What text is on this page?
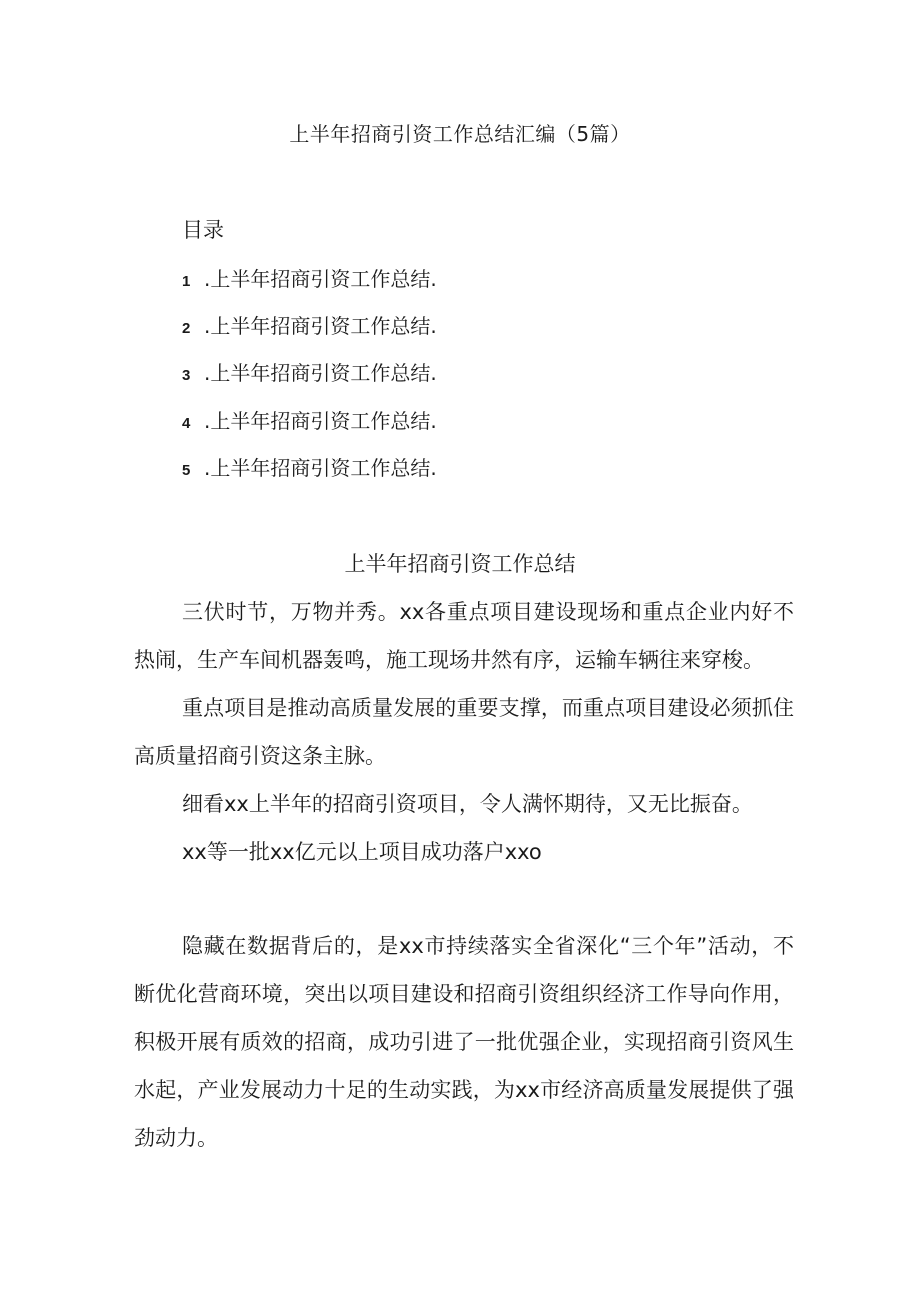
上半年招商引资工作总结汇编（5篇）
目录
1 .上半年招商引资工作总结.
2 .上半年招商引资工作总结.
3 .上半年招商引资工作总结.
4 .上半年招商引资工作总结.
5 .上半年招商引资工作总结.
上半年招商引资工作总结

三伏时节，万物并秀。xx各重点项目建设现场和重点企业内好不热闹，生产车间机器轰鸣，施工现场井然有序，运输车辆往来穿梭。

重点项目是推动高质量发展的重要支撑，而重点项目建设必须抓住高质量招商引资这条主脉。

细看xx上半年的招商引资项目，令人满怀期待，又无比振奋。

xx等一批xx亿元以上项目成功落户xxo

隐藏在数据背后的，是xx市持续落实全省深化“三个年”活动，不断优化营商环境，突出以项目建设和招商引资组织经济工作导向作用，积极开展有质效的招商，成功引进了一批优强企业，实现招商引资风生水起，产业发展动力十足的生动实践，为xx市经济高质量发展提供了强劲动力。
